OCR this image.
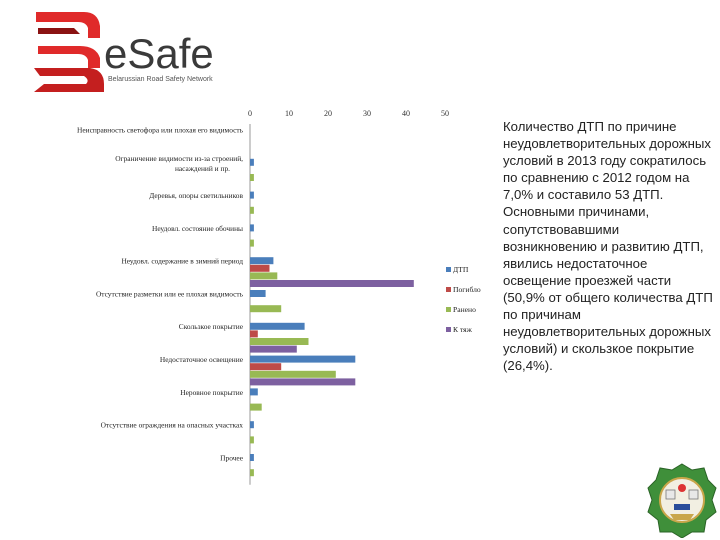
eSafe
Belarussian Road Safety Network
0	10	20	30	40	50
Неисправность светофора или плохая его видимость
Ограничение видимости из-за строений, насаждений и пр.
Деревья, опоры светильников
Неудовл. состояние обочины
Неудовл. содержание в зимний период
Отсутствие разметки или ее плохая видимость
Скользкое покрытие
Недостаточное освещение
Неровное покрытие
Отсутствие ограждения на опасных участках
Прочее
ДТП
Погибло
Ранено
К тяж
Количество ДТП по причине неудовлетворительных дорожных условий в 2013 году сократилось по сравнению с 2012 годом на 7,0% и составило 53 ДТП. Основными причинами, сопутствовавшими возникновению и развитию ДТП, явились недостаточное освещение проезжей части (50,9% от общего количества ДТП по причинам неудовлетворительных дорожных условий) и скользкое покрытие (26,4%).
